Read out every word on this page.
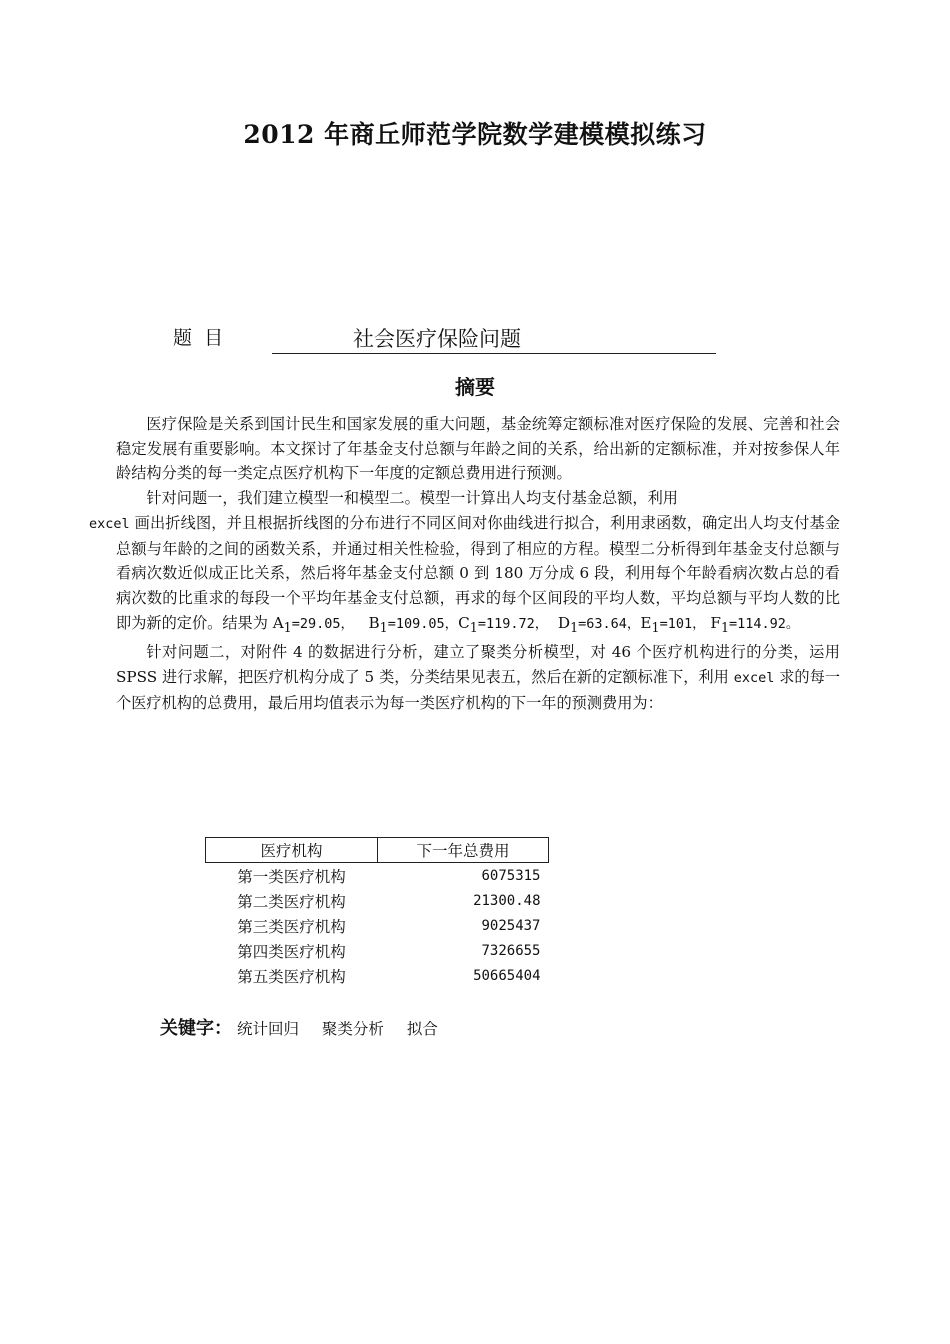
2012 年商丘师范学院数学建模模拟练习
题  目	社会医疗保险问题
摘要

医疗保险是关系到国计民生和国家发展的重大问题，基金统筹定额标准对医疗保险的发展、完善和社会稳定发展有重要影响。本文探讨了年基金支付总额与年龄之间的关系，给出新的定额标准，并对按参保人年龄结构分类的每一类定点医疗机构下一年度的定额总费用进行预测。

针对问题一，我们建立模型一和模型二。模型一计算出人均支付基金总额，利用
excel 画出折线图，并且根据折线图的分布进行不同区间对你曲线进行拟合，利用隶函数，确定出人均支付基金总额与年龄的之间的函数关系，并通过相关性检验，得到了相应的方程。模型二分析得到年基金支付总额与看病次数近似成正比关系，然后将年基金支付总额 0 到 180 万分成 6 段，利用每个年龄看病次数占总的看病次数的比重求的每段一个平均年基金支付总额，再求的每个区间段的平均人数，平均总额与平均人数的比即为新的定价。结果为 $A_1=29.05$， $B_1=109.05$，$C_1=119.72$， $D_1=63.64$，$E_1=101$， $F_1=114.92$。

针对问题二，对附件 4 的数据进行分析，建立了聚类分析模型，对 46 个医疗机构进行的分类，运用 SPSS 进行求解，把医疗机构分成了 5 类，分类结果见表五，然后在新的定额标准下，利用 excel 求的每一个医疗机构的总费用，最后用均值表示为每一类医疗机构的下一年的预测费用为：

医疗机构	下一年总费用
第一类医疗机构	6075315
第二类医疗机构	21300.48
第三类医疗机构	9025437
第四类医疗机构	7326655
第五类医疗机构	50665404
关键字： 统计回归 聚类分析 拟合
